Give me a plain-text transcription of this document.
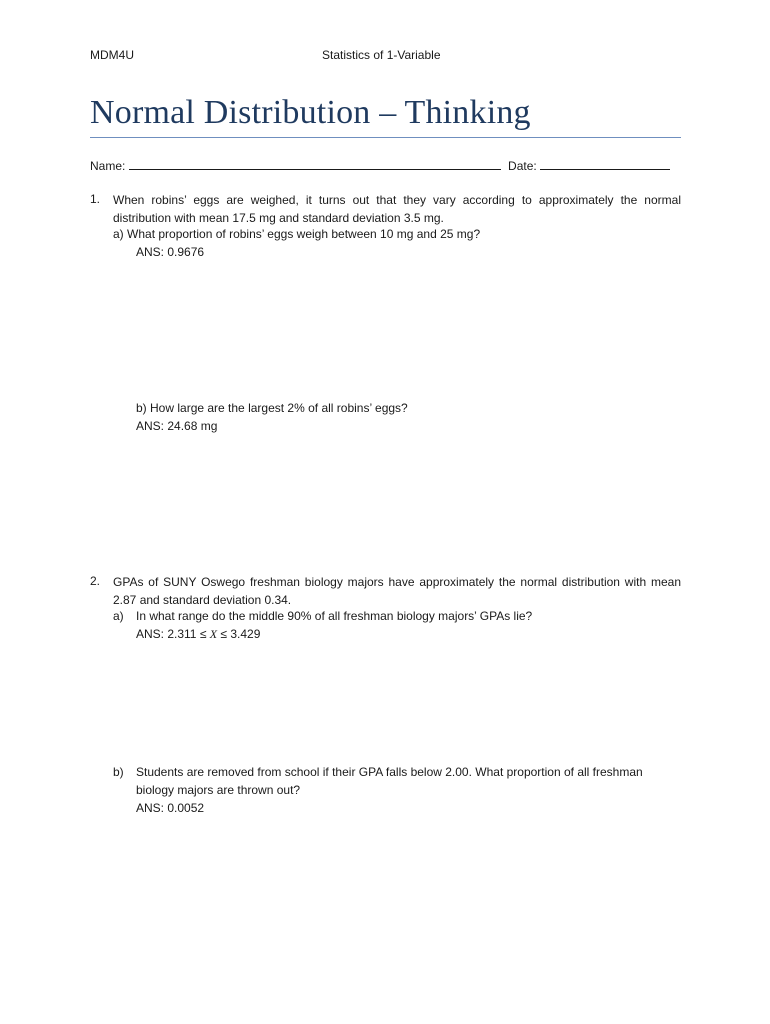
MDM4U	Statistics of 1-Variable
Normal Distribution – Thinking
Name:	Date:
1. When robins’ eggs are weighed, it turns out that they vary according to approximately the normal distribution with mean 17.5 mg and standard deviation 3.5 mg.
a) What proportion of robins’ eggs weigh between 10 mg and 25 mg?
ANS: 0.9676
b) How large are the largest 2% of all robins’ eggs?
ANS: 24.68 mg
2. GPAs of SUNY Oswego freshman biology majors have approximately the normal distribution with mean 2.87 and standard deviation 0.34.
a) In what range do the middle 90% of all freshman biology majors’ GPAs lie?
ANS: 2.311 ≤ X ≤ 3.429
b) Students are removed from school if their GPA falls below 2.00. What proportion of all freshman
biology majors are thrown out?
ANS: 0.0052
